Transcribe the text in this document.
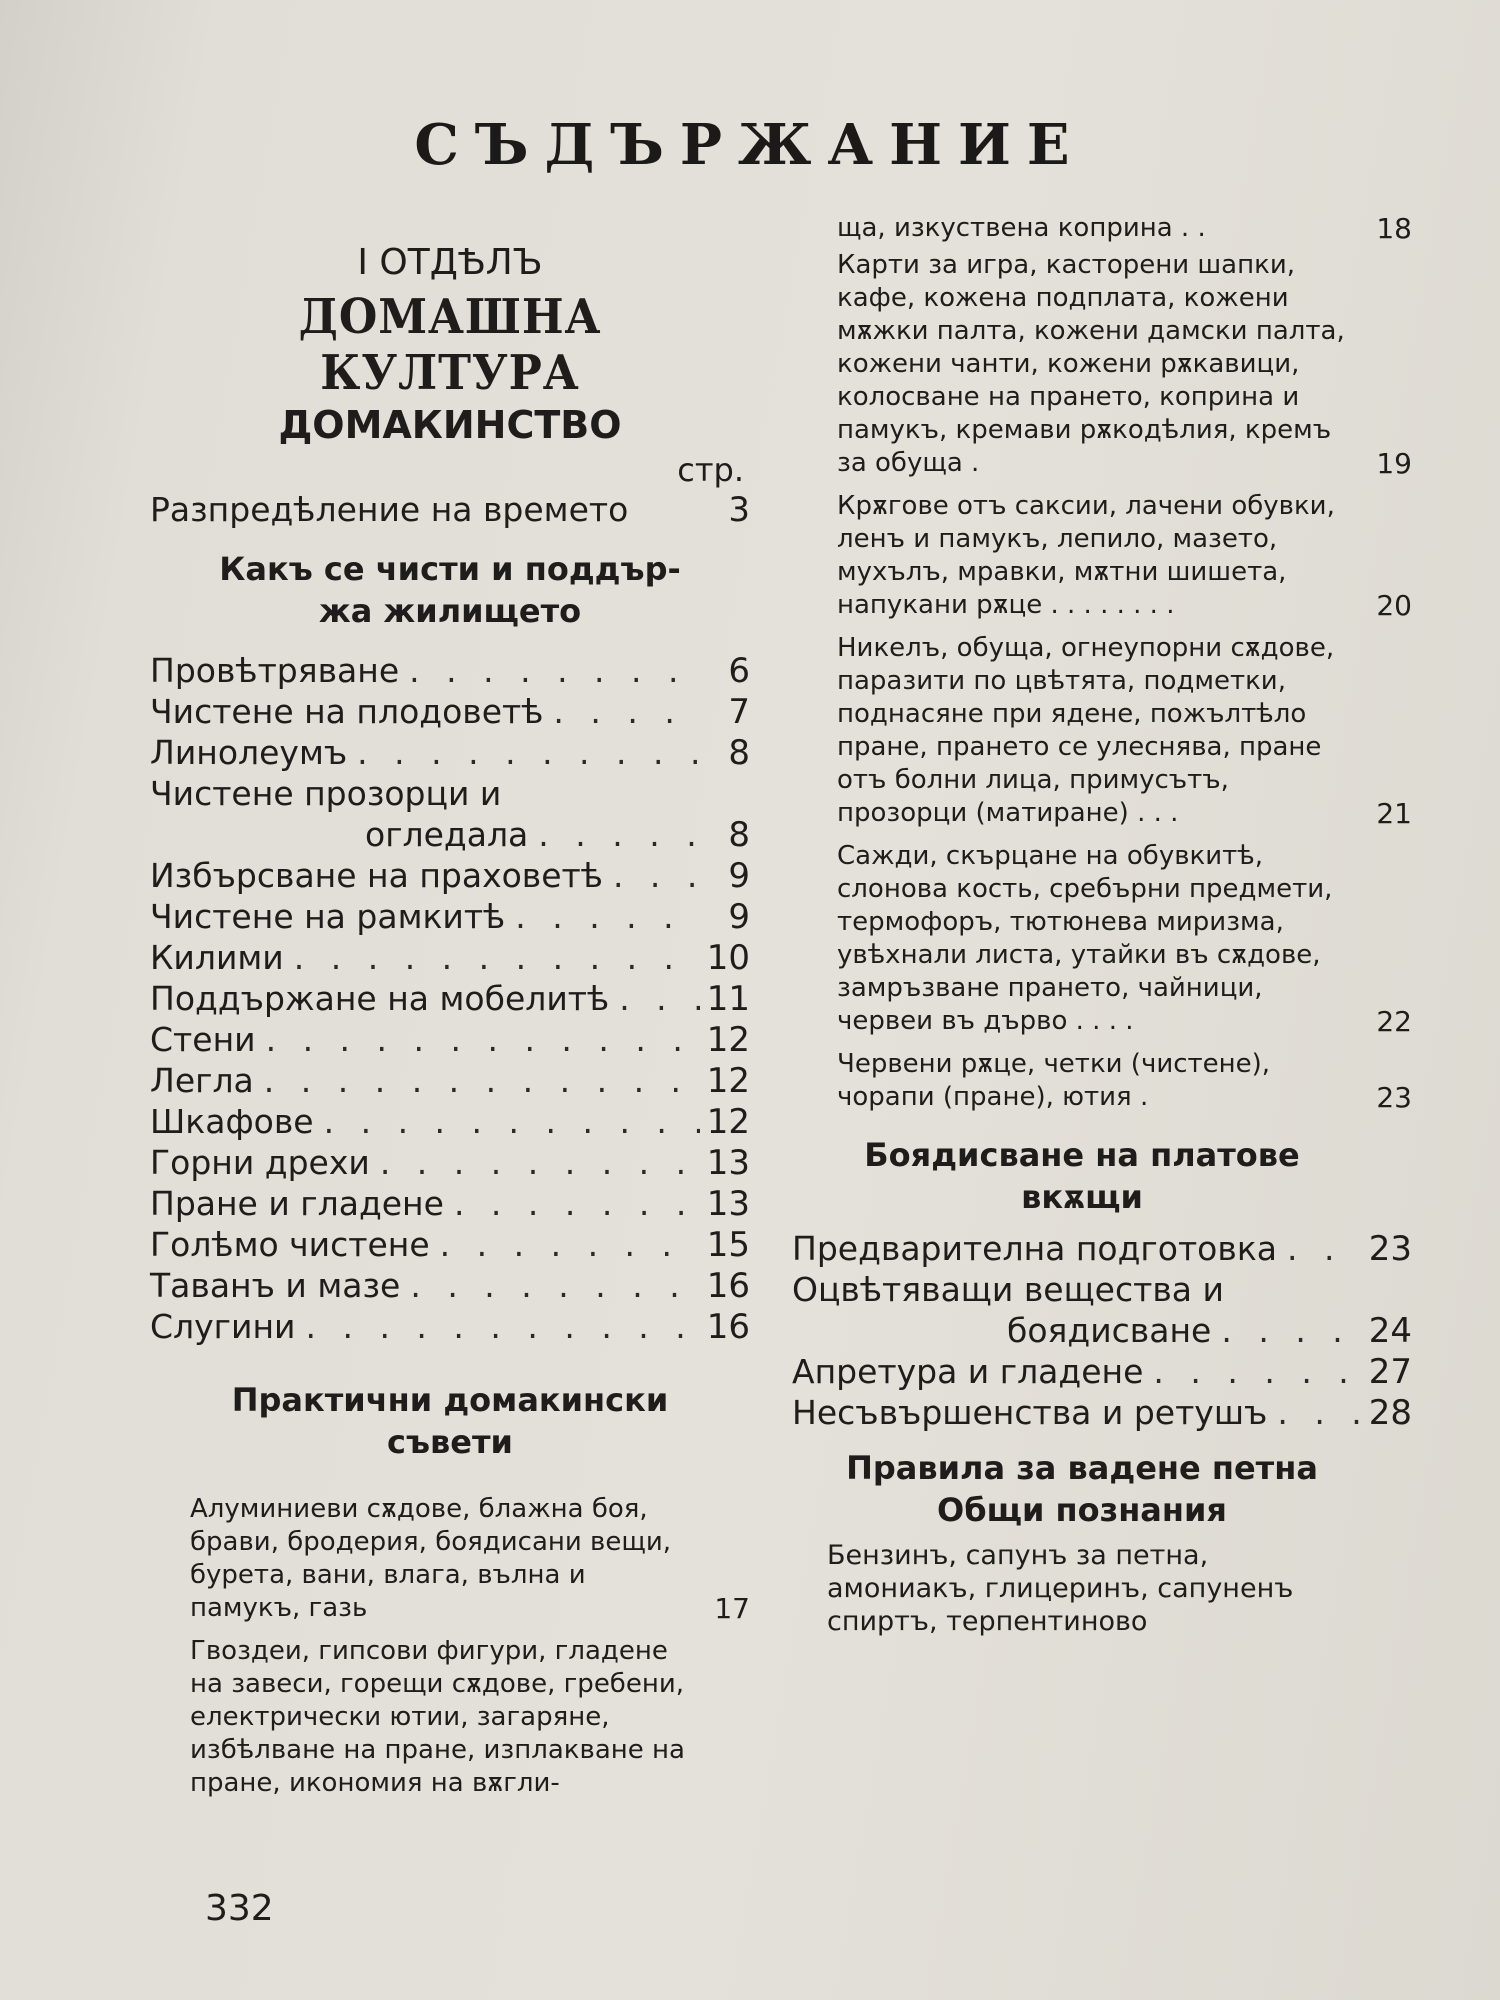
СЪДЪРЖАНИЕ
I ОТДѢЛЪ
ДОМАШНА КУЛТУРА
ДОМАКИНСТВО
стр.
Разпредѣление на времето	3
Какъ се чисти и поддър-
жа жилището
Провѣтряване . . .	6
Чистене на плодоветѣ . . .	7
Линолеумъ . . .	8
Чистене прозорци и
огледала . . .	8
Избърсване на праховетѣ . . .	9
Чистене на рамкитѣ . . .	9
Килими . . .	10
Поддържане на мобелитѣ . . .	11
Стени . . .	12
Легла . . .	12
Шкафове . . .	12
Горни дрехи . . .	13
Пране и гладене . . .	13
Голѣмо чистене . . .	15
Таванъ и мазе . . .	16
Слугини . . .	16
Практични домакински
съвети
Алуминиеви сѫдове, блажна боя, брави, бродерия, боядисани вещи, бурета, вани, влага, вълна и памукъ, газь	17
Гвоздеи, гипсови фигури, гладене на завеси, горещи сѫдове, гребени, електрически ютии, загаряне, избѣлване на пране, изплакване на пране, икономия на вѫгли-
ща, изкуствена коприна . .	18
Карти за игра, касторени шапки, кафе, кожена подплата, кожени мѫжки палта, кожени дамски палта, кожени чанти, кожени рѫкавици, колосване на прането, коприна и памукъ, кремави рѫкодѣлия, кремъ за обуща .	19
Крѫгове отъ саксии, лачени обувки, ленъ и памукъ, лепило, мазето, мухълъ, мравки, мѫтни шишета, напукани рѫце . . . . . . . .	20
Никелъ, обуща, огнеупорни сѫдове, паразити по цвѣтята, подметки, поднасяне при ядене, пожълтѣло пране, прането се улеснява, пране отъ болни лица, примусътъ, прозорци (матиране) . . .	21
Сажди, скърцане на обувкитѣ, слонова кость, сребърни предмети, термофоръ, тютюнева миризма, увѣхнали листа, утайки въ сѫдове, замръзване прането, чайници, червеи въ дърво . . . .	22
Червени рѫце, четки (чистене), чорапи (пране), ютия .	23
Боядисване на платове
вкѫщи
Предварителна подготовка . . .	23
Оцвѣтяващи вещества и
боядисване . . .	24
Апретура и гладене . . .	27
Несъвършенства и ретушъ . . .	28
Правила за вадене петна
Общи познания
Бензинъ, сапунъ за петна, амониакъ, глицеринъ, сапуненъ спиртъ, терпентиново
332
